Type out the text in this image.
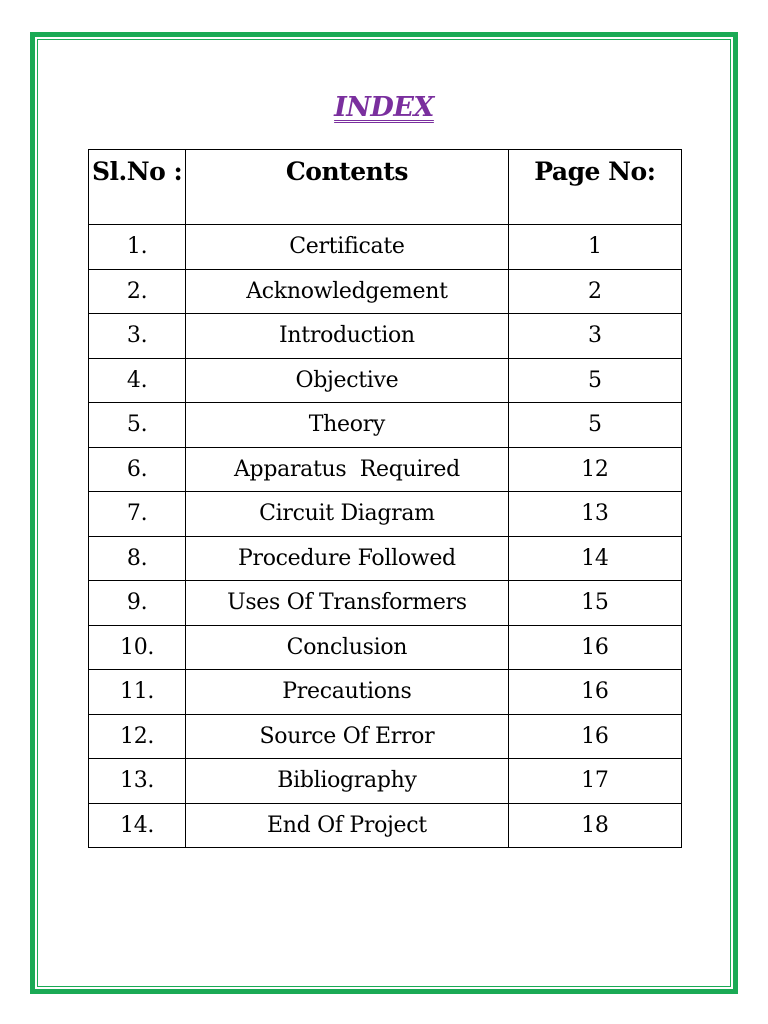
INDEX
Sl.No :	Contents	Page No:
1.	Certificate	1
2.	Acknowledgement	2
3.	Introduction	3
4.	Objective	5
5.	Theory	5
6.	Apparatus  Required	12
7.	Circuit Diagram	13
8.	Procedure Followed	14
9.	Uses Of Transformers	15
10.	Conclusion	16
11.	Precautions	16
12.	Source Of Error	16
13.	Bibliography	17
14.	End Of Project	18
